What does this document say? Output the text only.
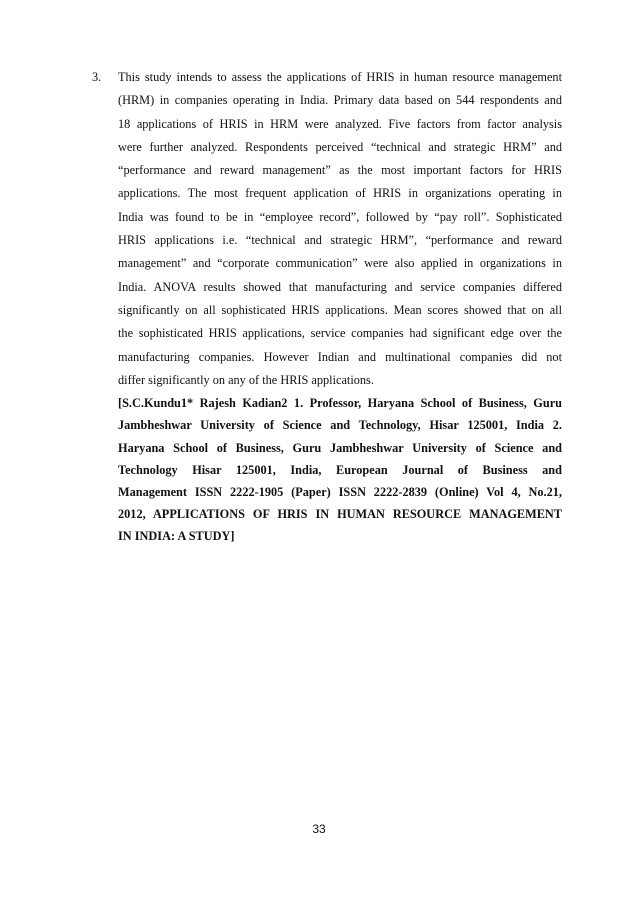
3. This study intends to assess the applications of HRIS in human resource management
(HRM) in companies operating in India. Primary data based on 544 respondents and
18 applications of HRIS in HRM were analyzed. Five factors from factor analysis
were further analyzed. Respondents perceived “technical and strategic HRM” and
“performance and reward management” as the most important factors for HRIS
applications. The most frequent application of HRIS in organizations operating in
India was found to be in “employee record”, followed by “pay roll”. Sophisticated
HRIS applications i.e. “technical and strategic HRM”, “performance and reward
management” and “corporate communication” were also applied in organizations in
India. ANOVA results showed that manufacturing and service companies differed
significantly on all sophisticated HRIS applications. Mean scores showed that on all
the sophisticated HRIS applications, service companies had significant edge over the
manufacturing companies. However Indian and multinational companies did not
differ significantly on any of the HRIS applications.
[S.C.Kundu1* Rajesh Kadian2 1. Professor, Haryana School of Business, Guru
Jambheshwar University of Science and Technology, Hisar 125001, India 2.
Haryana School of Business, Guru Jambheshwar University of Science and
Technology Hisar 125001, India, European Journal of Business and
Management ISSN 2222-1905 (Paper) ISSN 2222-2839 (Online) Vol 4, No.21,
2012, APPLICATIONS OF HRIS IN HUMAN RESOURCE MANAGEMENT
IN INDIA: A STUDY]
33
